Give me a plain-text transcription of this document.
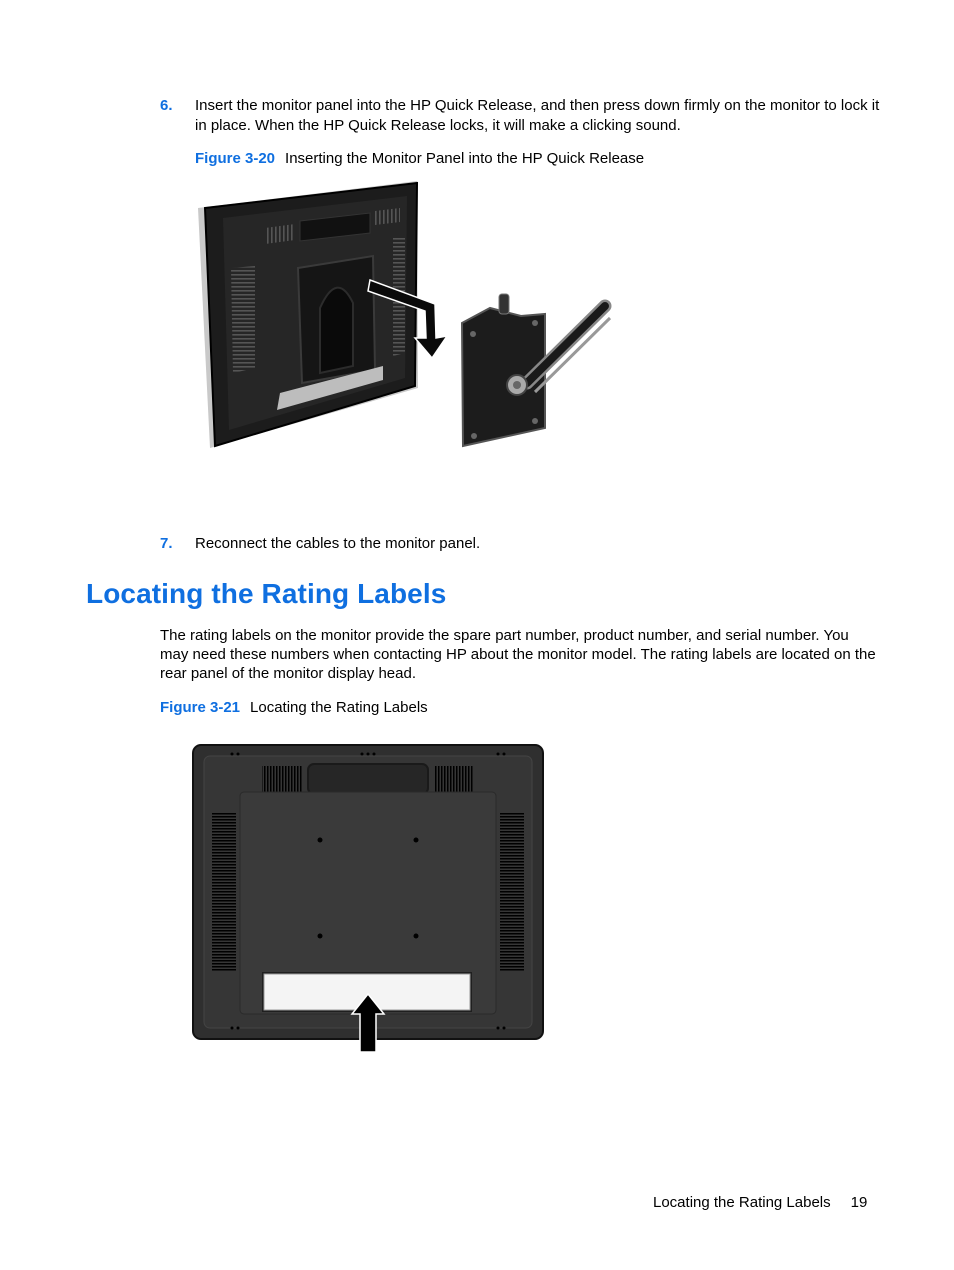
6. Insert the monitor panel into the HP Quick Release, and then press down firmly on the monitor to lock it in place. When the HP Quick Release locks, it will make a clicking sound.

Figure 3-20 Inserting the Monitor Panel into the HP Quick Release
7. Reconnect the cables to the monitor panel.

Locating the Rating Labels

The rating labels on the monitor provide the spare part number, product number, and serial number. You may need these numbers when contacting HP about the monitor model. The rating labels are located on the rear panel of the monitor display head.

Figure 3-21 Locating the Rating Labels
Locating the Rating Labels 19
